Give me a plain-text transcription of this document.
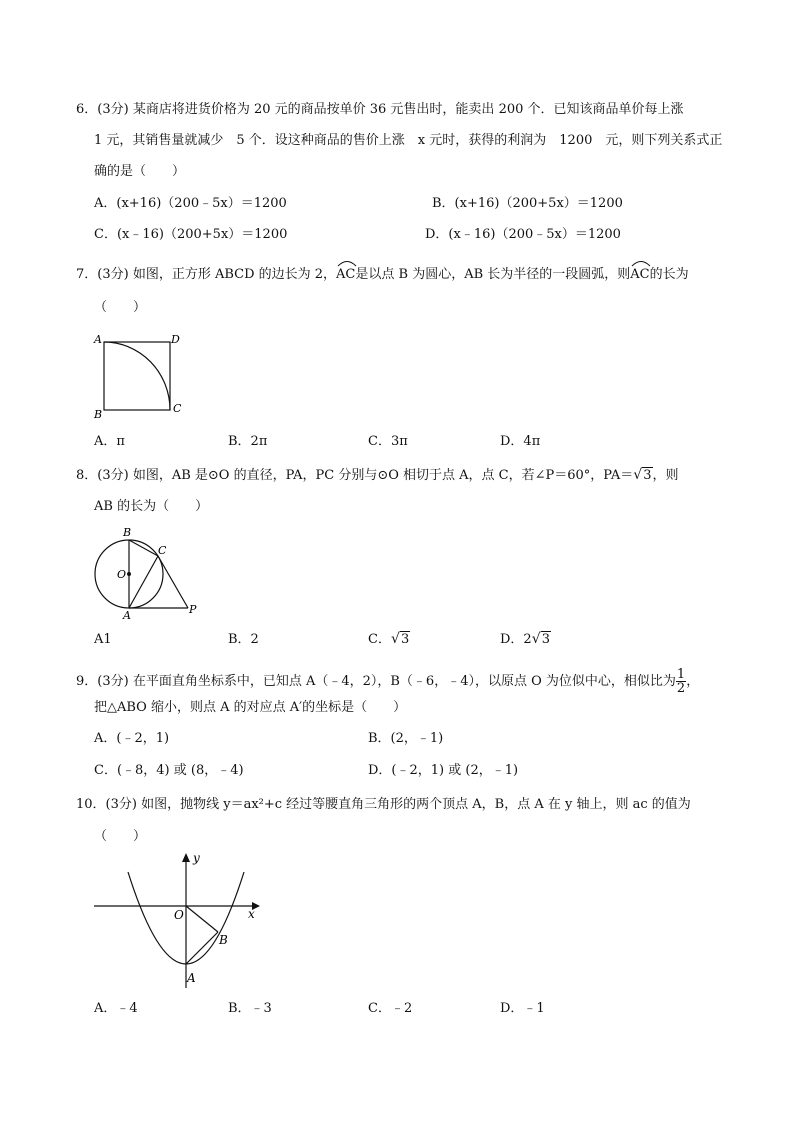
6．(3分) 某商店将进货价格为 20 元的商品按单价 36 元售出时，能卖出 200 个．已知该商品单价每上涨
1 元，其销售量就减少　5 个．设这种商品的售价上涨　x 元时，获得的利润为　1200　元，则下列关系式正
确的是（　　）
A．(x+16)（200﹣5x）＝1200	B．(x+16)（200+5x）＝1200
C．(x﹣16)（200+5x）＝1200	D．(x﹣16)（200﹣5x）＝1200
7．(3分) 如图，正方形 ABCD 的边长为 2，
AC是以点 B 为圆心，AB 长为半径的一段圆弧，则
AC的长为
（　　）
A	D
B	C
A．π	B．2π	C．3π	D．4π
8．(3分) 如图，AB 是⊙O 的直径，PA，PC 分别与⊙O 相切于点 A，点 C，若∠P＝60°，PA＝ √ 3，则
AB 的长为（　　）
B
C
O
A	P
A1	B．2	C． √ 3	D．2 √ 3
9．(3分) 在平面直角坐标系中，已知点 A（﹣4，2），B（﹣6，﹣4），以原点 O 为位似中心，相似比为 $\frac{1}{2}$ ，
把△ABO 缩小，则点 A 的对应点 A′的坐标是（　　）
A．(﹣2，1)	B．(2，﹣1)
C．(﹣8，4) 或 (8，﹣4)	D．(﹣2，1) 或 (2，﹣1)
10．(3分) 如图，抛物线 y＝ax²+c 经过等腰直角三角形的两个顶点 A，B，点 A 在 y 轴上，则 ac 的值为
（　　）
y
x
O
B
A
A．﹣4	B．﹣3	C．﹣2	D．﹣1
